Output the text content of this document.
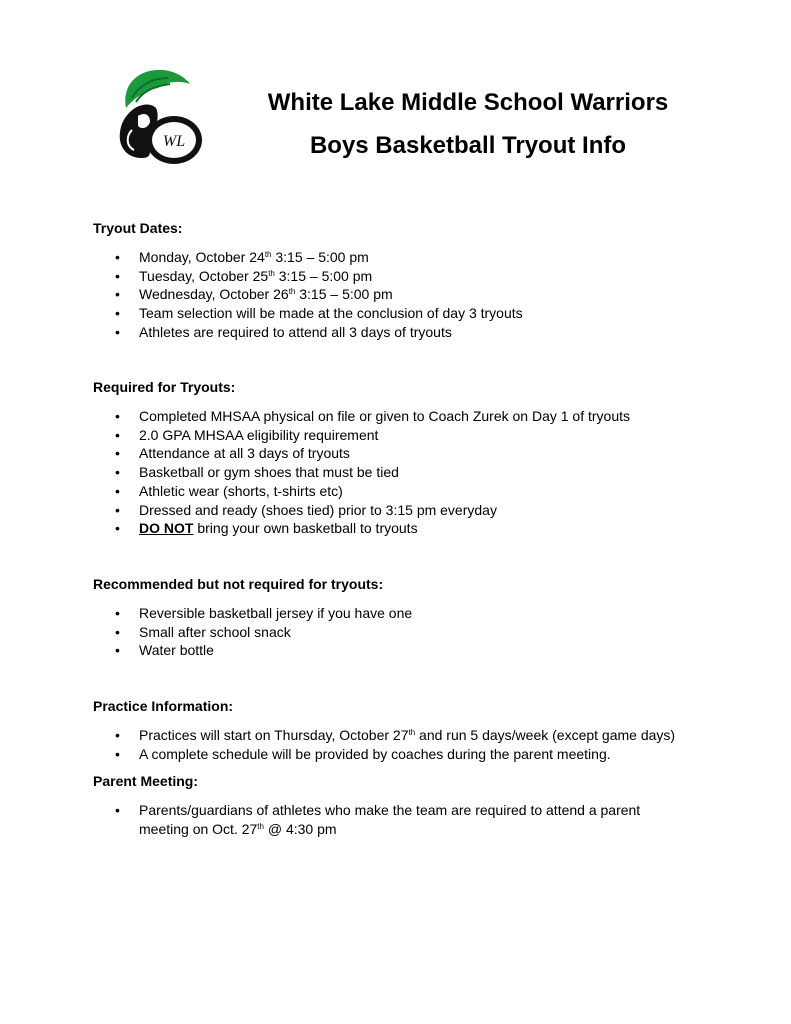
WL
White Lake Middle School Warriors
Boys Basketball Tryout Info
Tryout Dates:
• Monday, October 24th 3:15 – 5:00 pm
• Tuesday, October 25th 3:15 – 5:00 pm
• Wednesday, October 26th 3:15 – 5:00 pm
• Team selection will be made at the conclusion of day 3 tryouts
• Athletes are required to attend all 3 days of tryouts
Required for Tryouts:
• Completed MHSAA physical on file or given to Coach Zurek on Day 1 of tryouts
• 2.0 GPA MHSAA eligibility requirement
• Attendance at all 3 days of tryouts
• Basketball or gym shoes that must be tied
• Athletic wear (shorts, t-shirts etc)
• Dressed and ready (shoes tied) prior to 3:15 pm everyday
• DO NOT bring your own basketball to tryouts
Recommended but not required for tryouts:
• Reversible basketball jersey if you have one
• Small after school snack
• Water bottle
Practice Information:
• Practices will start on Thursday, October 27th and run 5 days/week (except game days)
• A complete schedule will be provided by coaches during the parent meeting.
Parent Meeting:
• Parents/guardians of athletes who make the team are required to attend a parent meeting on Oct. 27th @ 4:30 pm
